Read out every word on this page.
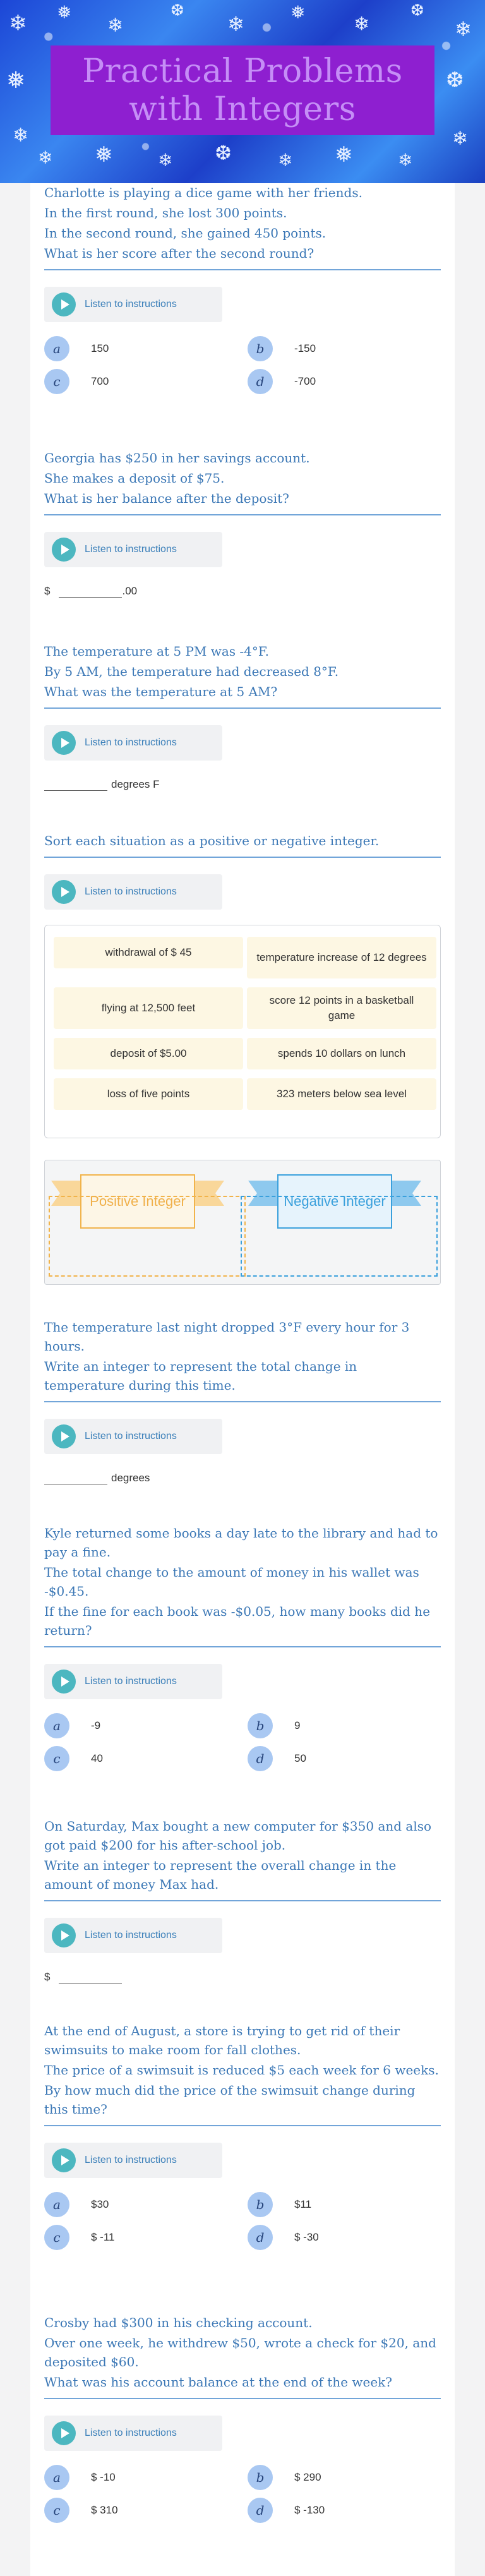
❄ ❅
❄
❆
❄	❅
❄
❆
❄
❅
❄
❆
❄
❄ ❅	❄ ❆	❄ ❅	❄
Practical Problems with Integers

Charlotte is playing a dice game with her friends.

In the first round, she lost 300 points.

In the second round, she gained 450 points.

What is her score after the second round?

Listen to instructions
a	150	b	-150
c	700	d	-700

Georgia has $250 in her savings account.

She makes a deposit of $75.

What is her balance after the deposit?

Listen to instructions
$	.00

The temperature at 5 PM was -4°F.

By 5 AM, the temperature had decreased 8°F.

What was the temperature at 5 AM?

Listen to instructions
degrees F

Sort each situation as a positive or negative integer.

Listen to instructions
withdrawal of $ 45	temperature increase of 12 degrees
flying at 12,500 feet
score 12 points in a basketball game
deposit of $5.00	spends 10 dollars on lunch
loss of five points	323 meters below sea level
Positive Integer	Negative Integer

The temperature last night dropped 3°F every hour for 3 hours.

Write an integer to represent the total change in temperature during this time.

Listen to instructions
degrees

Kyle returned some books a day late to the library and had to pay a fine.

The total change to the amount of money in his wallet was -$0.45.

If the fine for each book was -$0.05, how many books did he return?

Listen to instructions
a	-9	b	9
c	40	d	50

On Saturday, Max bought a new computer for $350 and also got paid $200 for his after-school job.

Write an integer to represent the overall change in the amount of money Max had.

Listen to instructions
$

At the end of August, a store is trying to get rid of their swimsuits to make room for fall clothes.

The price of a swimsuit is reduced $5 each week for 6 weeks.

By how much did the price of the swimsuit change during this time?

Listen to instructions
a	$30	b	$11
c	$ -11	d	$ -30

Crosby had $300 in his checking account.

Over one week, he withdrew $50, wrote a check for $20, and deposited $60.

What was his account balance at the end of the week?

Listen to instructions
a	$ -10	b	$ 290
c	$ 310	d	$ -130
